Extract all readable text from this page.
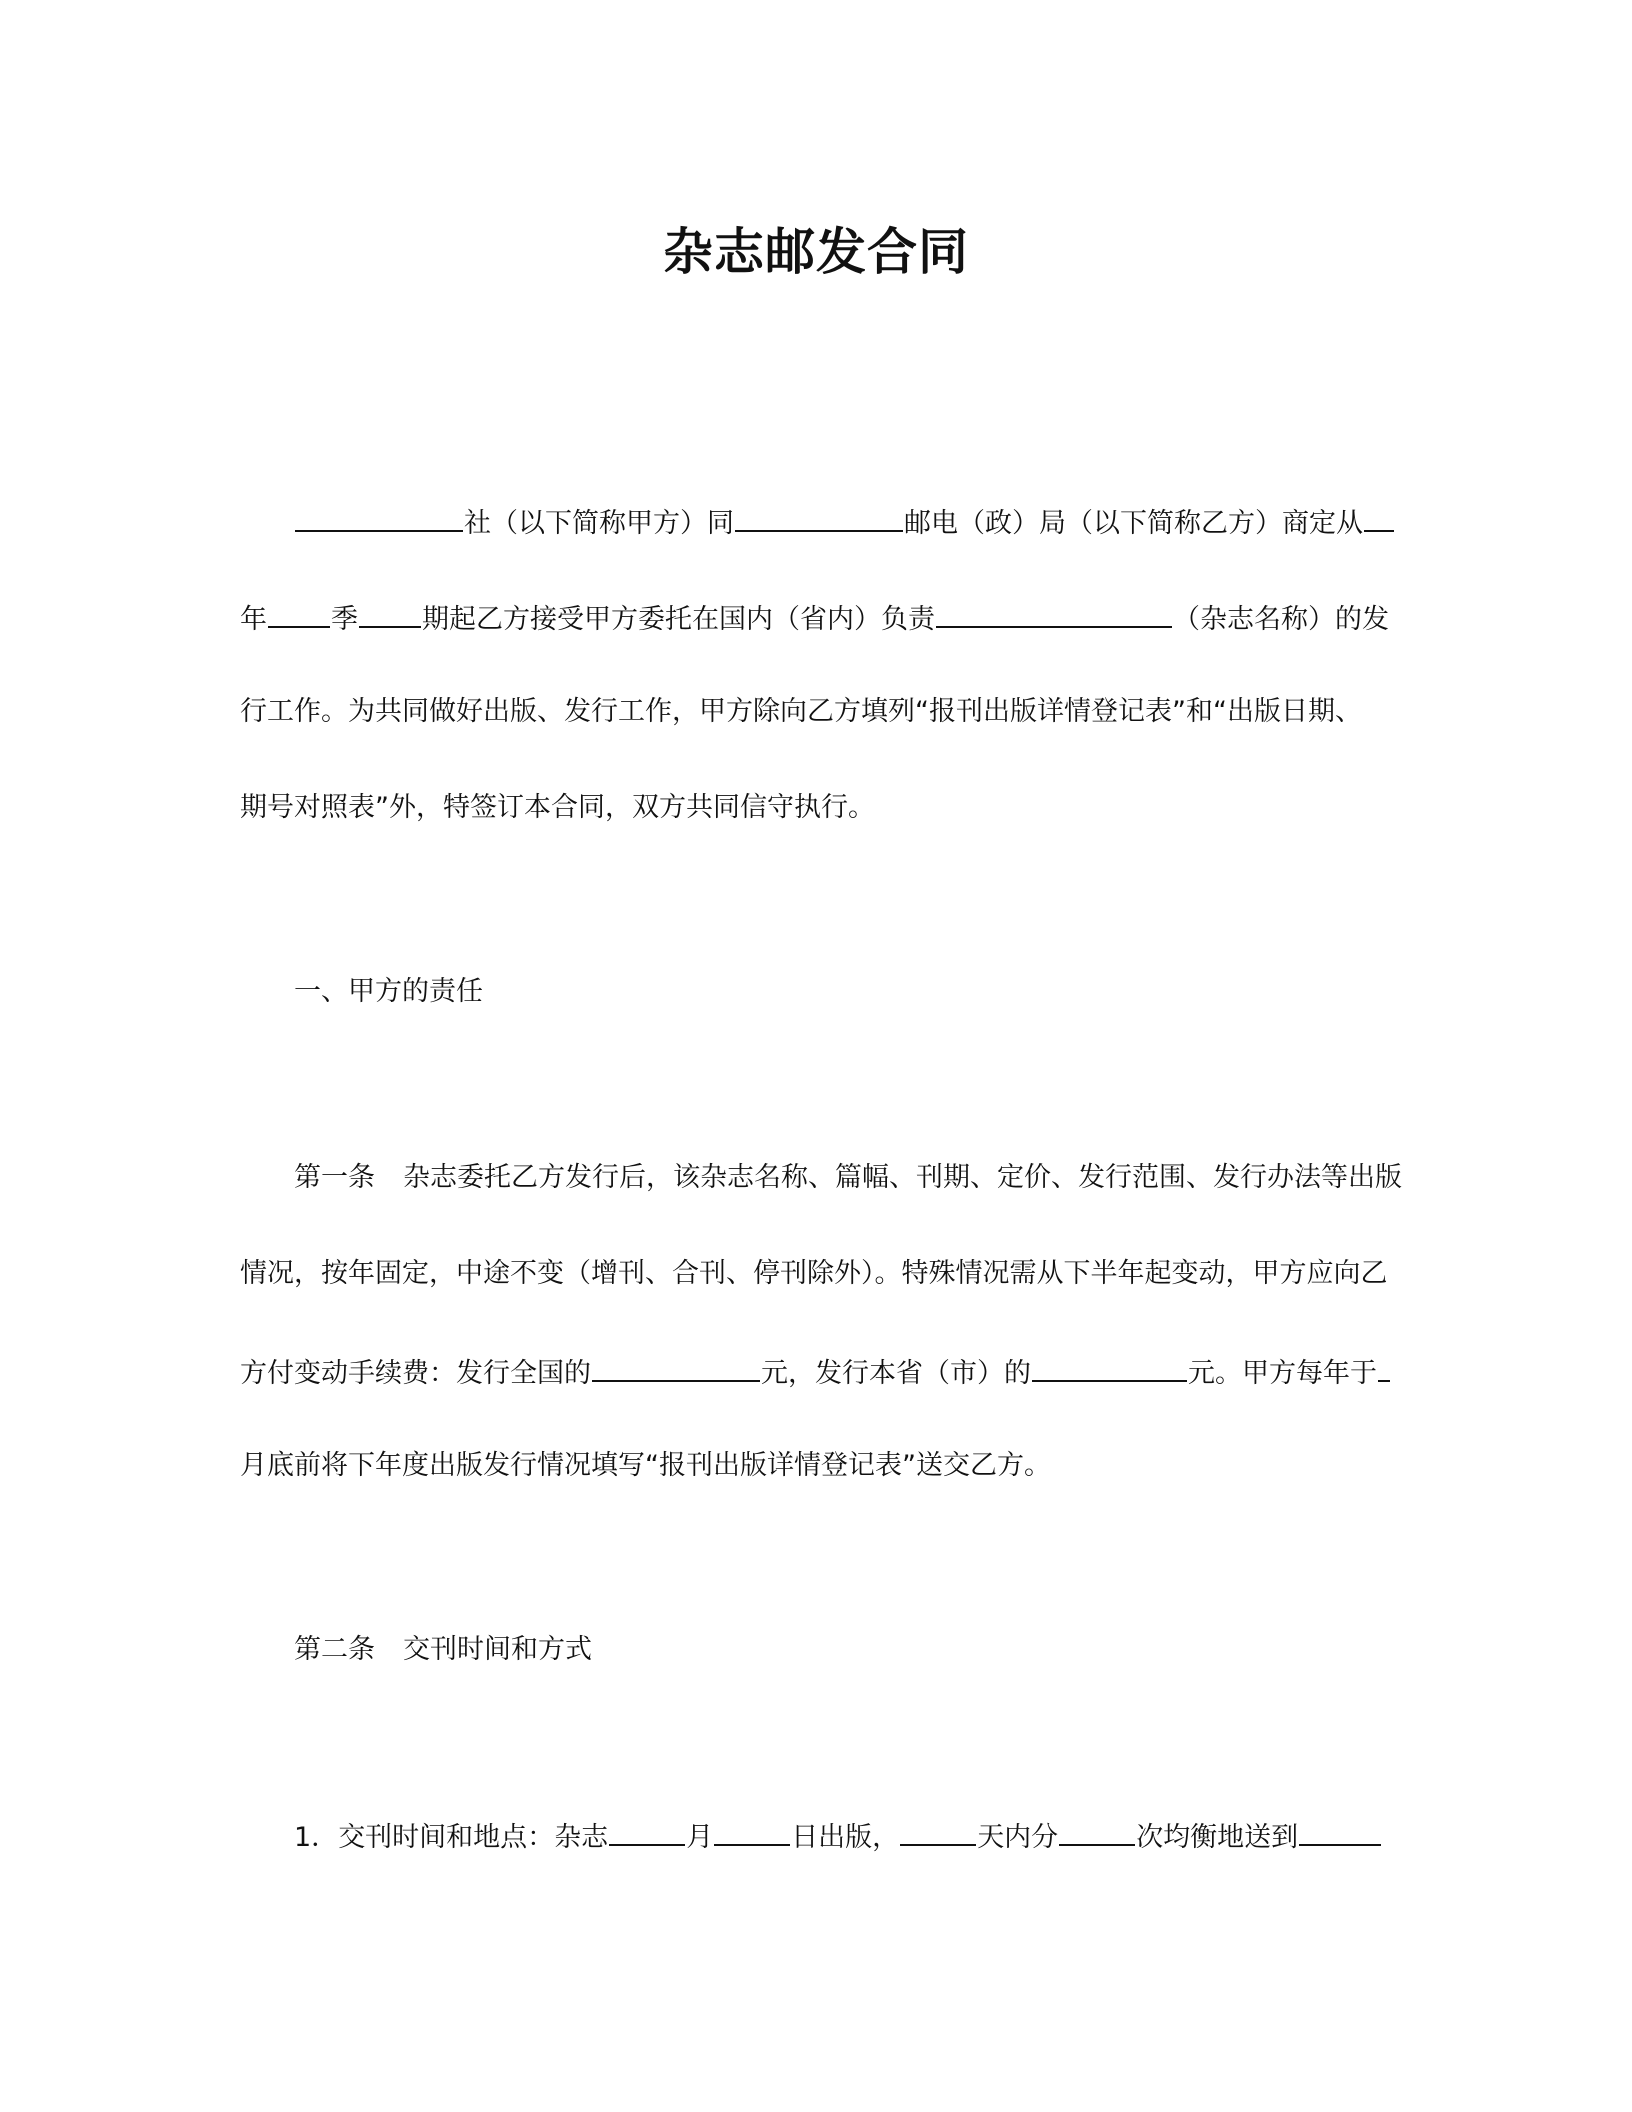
杂志邮发合同
社（以下简称甲方）同	邮电（政）局（以下简称乙方）商定从
年 季 期起乙方接受甲方委托在国内（省内）负责	（杂志名称）的发
行工作。为共同做好出版、发行工作，甲方除向乙方填列“报刊出版详情登记表”和“出版日期、
期号对照表”外，特签订本合同，双方共同信守执行。
一、甲方的责任
第一条 杂志委托乙方发行后，该杂志名称、篇幅、刊期、定价、发行范围、发行办法等出版
情况，按年固定，中途不变（增刊、合刊、停刊除外）。特殊情况需从下半年起变动，甲方应向乙
方付变动手续费：发行全国的	元，发行本省（市）的	元。甲方每年于
月底前将下年度出版发行情况填写“报刊出版详情登记表”送交乙方。
第二条 交刊时间和方式
1．交刊时间和地点：杂志	月	日出版，	天内分	次均衡地送到
